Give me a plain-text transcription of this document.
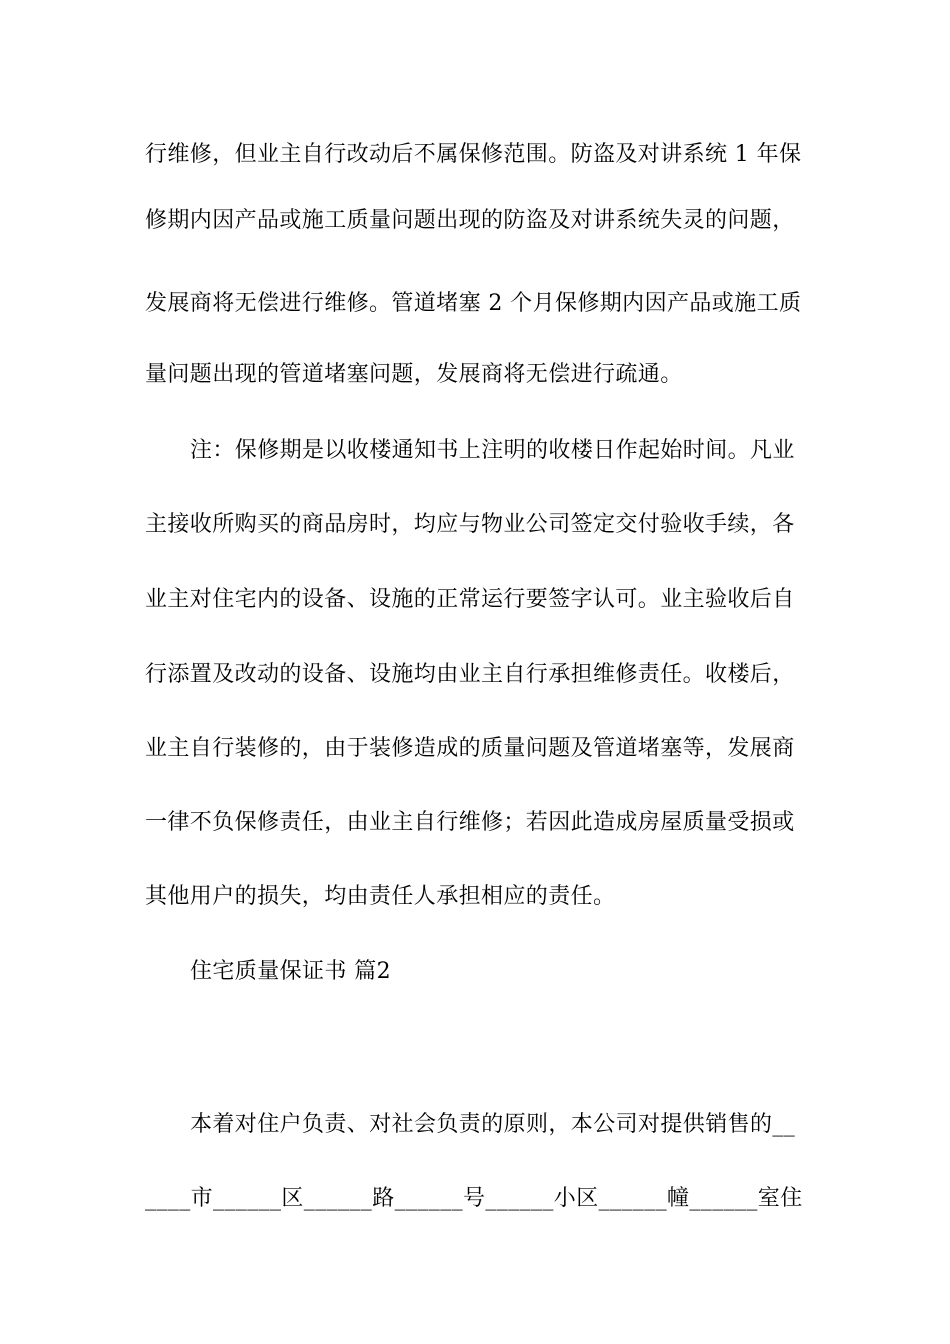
行维修，但业主自行改动后不属保修范围。防盗及对讲系统 1 年保
修期内因产品或施工质量问题出现的防盗及对讲系统失灵的问题，
发展商将无偿进行维修。管道堵塞 2 个月保修期内因产品或施工质
量问题出现的管道堵塞问题，发展商将无偿进行疏通。
注：保修期是以收楼通知书上注明的收楼日作起始时间。凡业
主接收所购买的商品房时，均应与物业公司签定交付验收手续，各
业主对住宅内的设备、设施的正常运行要签字认可。业主验收后自
行添置及改动的设备、设施均由业主自行承担维修责任。收楼后，
业主自行装修的，由于装修造成的质量问题及管道堵塞等，发展商
一律不负保修责任，由业主自行维修；若因此造成房屋质量受损或
其他用户的损失，均由责任人承担相应的责任。
住宅质量保证书 篇2
本着对住户负责、对社会负责的原则，本公司对提供销售的__
____市______区______路______号______小区______幢______室住
